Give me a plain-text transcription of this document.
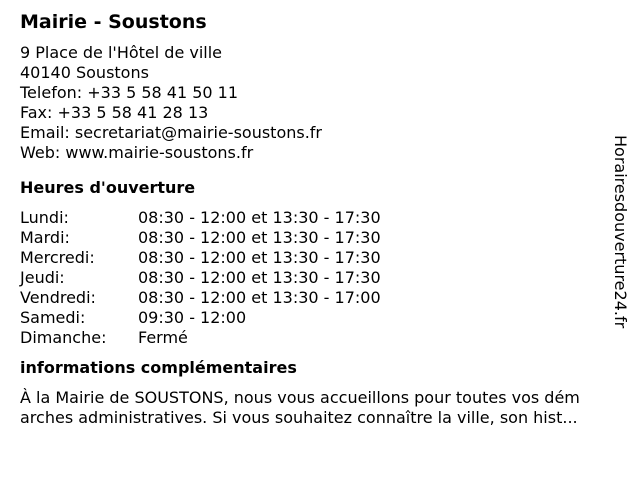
Mairie - Soustons
9 Place de l'Hôtel de ville
40140 Soustons
Telefon: +33 5 58 41 50 11
Fax: +33 5 58 41 28 13
Email: secretariat@mairie-soustons.fr
Web: www.mairie-soustons.fr
Heures d'ouverture
Lundi:	08:30 - 12:00 et 13:30 - 17:30
Mardi:	08:30 - 12:00 et 13:30 - 17:30
Mercredi:	08:30 - 12:00 et 13:30 - 17:30
Jeudi:	08:30 - 12:00 et 13:30 - 17:30
Vendredi:	08:30 - 12:00 et 13:30 - 17:00
Samedi:	09:30 - 12:00
Dimanche:	Fermé
informations complémentaires
À la Mairie de SOUSTONS, nous vous accueillons pour toutes vos dém
arches administratives. Si vous souhaitez connaître la ville, son hist...
Horairesdouverture24.fr
